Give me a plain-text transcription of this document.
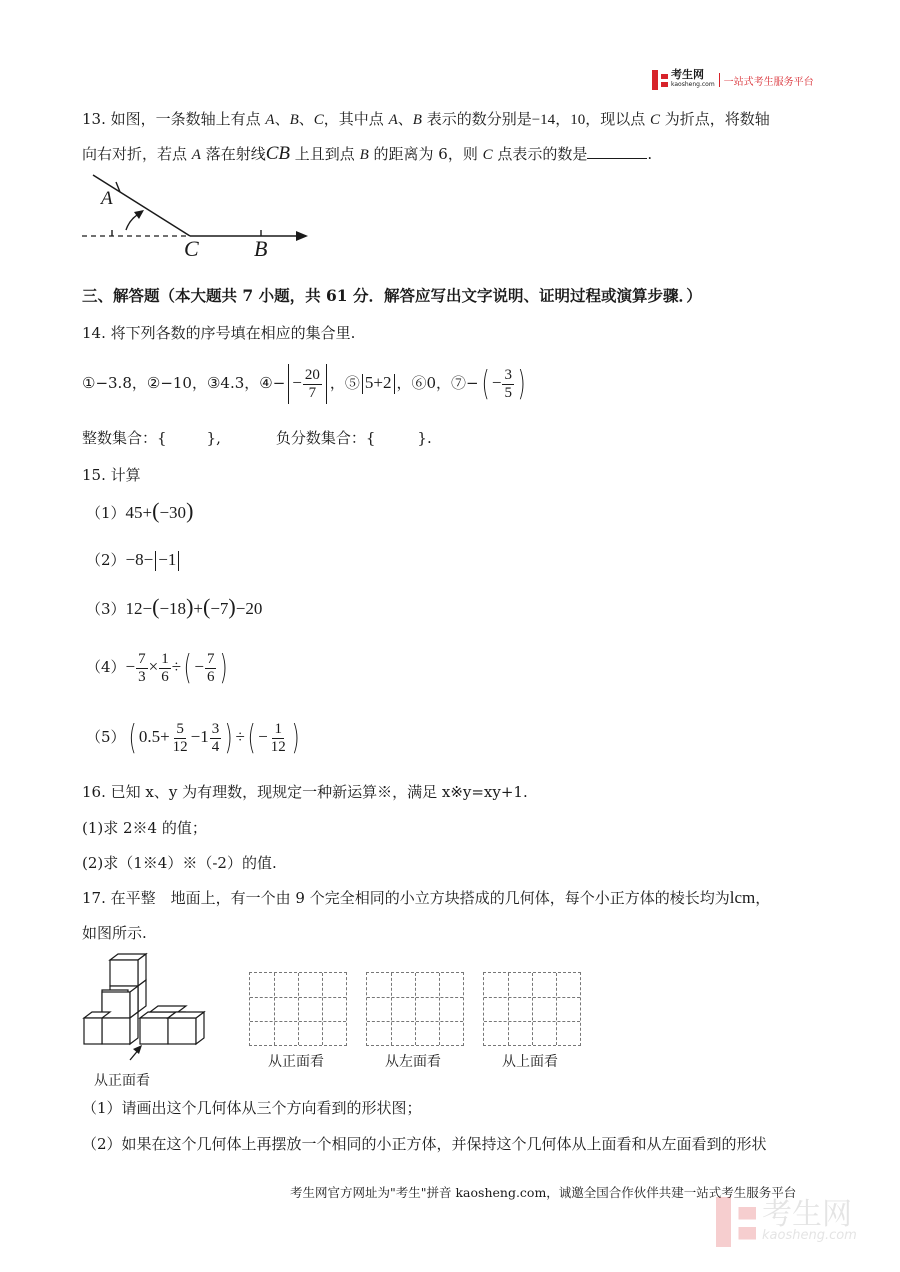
考生网
kaosheng.com 一站式考生服务平台
13. 如图，一条数轴上有点 A、B、C，其中点 A、B 表示的数分别是−14，10，现以点 C 为折点，将数轴
向右对折，若点 A 落在射线CB 上且到点 B 的距离为 6，则 C 点表示的数是	.
A
C	B
三、解答题（本大题共 7 小题，共 61 分．解答应写出文字说明、证明过程或演算步骤．）
14. 将下列各数的序号填在相应的集合里.
①−3.8，②−10，③4.3，④− − $\frac{20}{7}$ ，⑤ 5+2 ，⑥0，⑦−( − $\frac{3}{5}$ )
整数集合：{	},	负分数集合：{	}.
15. 计算
（1）45+(−30)
（2）−8− −1
（3）12−(−18)+(−7)−20
$(4)- \frac{7}{3} \times \frac{1}{6}$ ÷( − $\frac{7}{6}$ )
（5）( $0.5+ \frac{5}{12} -1 \frac{3}{4}$ ) ÷( − $\frac{1}{12}$ )
16. 已知 x、y 为有理数，现规定一种新运算※，满足 x※y=xy+1.
(1)求 2※4 的值；
(2)求（1※4）※（-2）的值.
17. 在平整　地面上，有一个由 9 个完全相同的小立方块搭成的几何体，每个小正方体的棱长均为lcm，
如图所示.
从正面看
从正面看	从左面看	从上面看
（1）请画出这个几何体从三个方向看到的形状图；
（2）如果在这个几何体上再摆放一个相同的小正方体，并保持这个几何体从上面看和从左面看到的形状
考生网官方网址为"考生"拼音 kaosheng.com，诚邀全国合作伙伴共建一站式考生服务平台
考生网
kaosheng.com
